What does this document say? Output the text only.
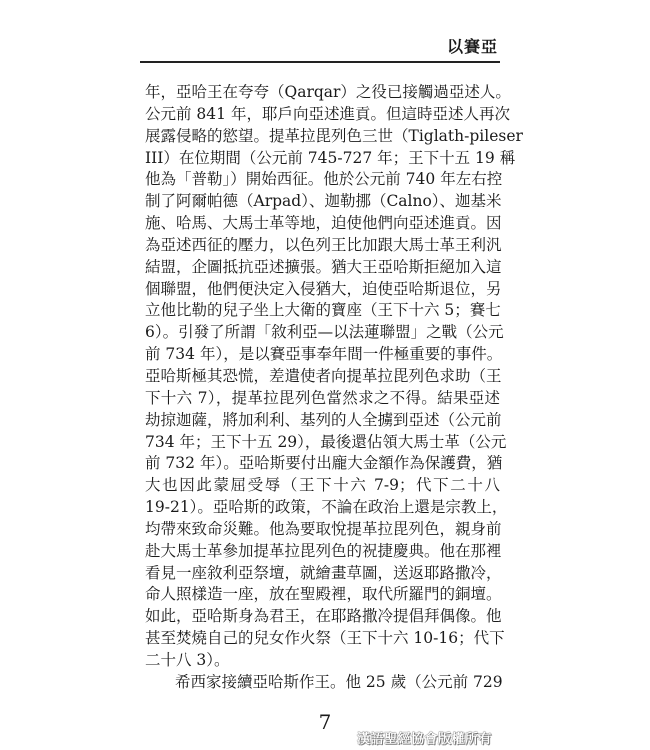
以賽亞
年，亞哈王在夸夸（Qarqar）之役已接觸過亞述人。
公元前 841 年，耶戶向亞述進貢。但這時亞述人再次
展露侵略的慾望。提革拉毘列色三世（Tiglath-pileser
III）在位期間（公元前 745-727 年；王下十五 19 稱
他為「普勒」）開始西征。他於公元前 740 年左右控
制了阿爾帕德（Arpad）、迦勒挪（Calno）、迦基米
施、哈馬、大馬士革等地，迫使他們向亞述進貢。因
為亞述西征的壓力，以色列王比加跟大馬士革王利汎
結盟，企圖抵抗亞述擴張。猶大王亞哈斯拒絕加入這
個聯盟，他們便決定入侵猶大，迫使亞哈斯退位，另
立他比勒的兒子坐上大衛的寶座（王下十六 5；賽七
6）。引發了所謂「敘利亞—以法蓮聯盟」之戰（公元
前 734 年），是以賽亞事奉年間一件極重要的事件。
亞哈斯極其恐慌，差遣使者向提革拉毘列色求助（王
下十六 7），提革拉毘列色當然求之不得。結果亞述
劫掠迦薩，將加利利、基列的人全擄到亞述（公元前
734 年；王下十五 29），最後還佔領大馬士革（公元
前 732 年）。亞哈斯要付出龐大金額作為保護費，猶
大也因此蒙屈受辱（王下十六 7-9；代下二十八
19-21）。亞哈斯的政策，不論在政治上還是宗教上，
均帶來致命災難。他為要取悅提革拉毘列色，親身前
赴大馬士革參加提革拉毘列色的祝捷慶典。他在那裡
看見一座敘利亞祭壇，就繪畫草圖，送返耶路撒冷，
命人照樣造一座，放在聖殿裡，取代所羅門的銅壇。
如此，亞哈斯身為君王，在耶路撒冷提倡拜偶像。他
甚至焚燒自己的兒女作火祭（王下十六 10-16；代下
二十八 3）。
希西家接續亞哈斯作王。他 25 歲（公元前 729
7
漢語聖經協會版權所有
